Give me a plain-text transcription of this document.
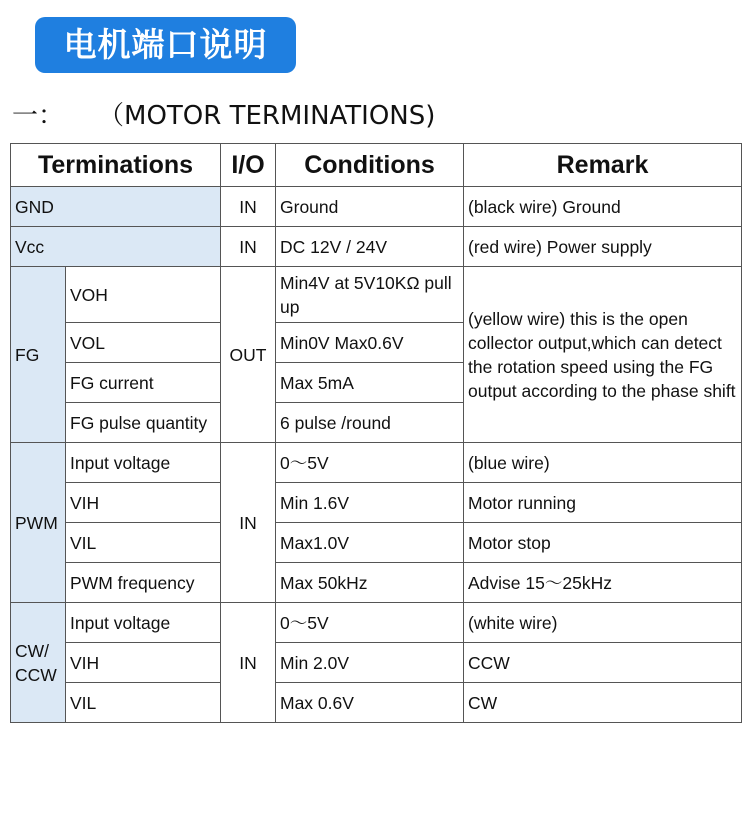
电机端口说明
一： （MOTOR TERMINATIONS)
Terminations		I/O	Conditions	Remark
GND		IN	Ground	(black wire) Ground
Vcc		IN	DC 12V / 24V	(red wire) Power supply
FG	VOH	OUT	Min4V at 5V10KΩ pull up	(yellow wire) this is the open collector output,which can detect the rotation speed using the FG output according to the phase shift
	VOL		Min0V Max0.6V	
	FG current		Max 5mA	
	FG pulse quantity		6 pulse /round	
PWM	Input voltage	IN	0～5V	(blue wire)
	VIH		Min 1.6V	Motor running
	VIL		Max1.0V	Motor stop
	PWM frequency		Max 50kHz	Advise 15～25kHz
CW/
CCW	Input voltage	IN	0～5V	(white wire)
	VIH		Min 2.0V	CCW
	VIL		Max 0.6V	CW
